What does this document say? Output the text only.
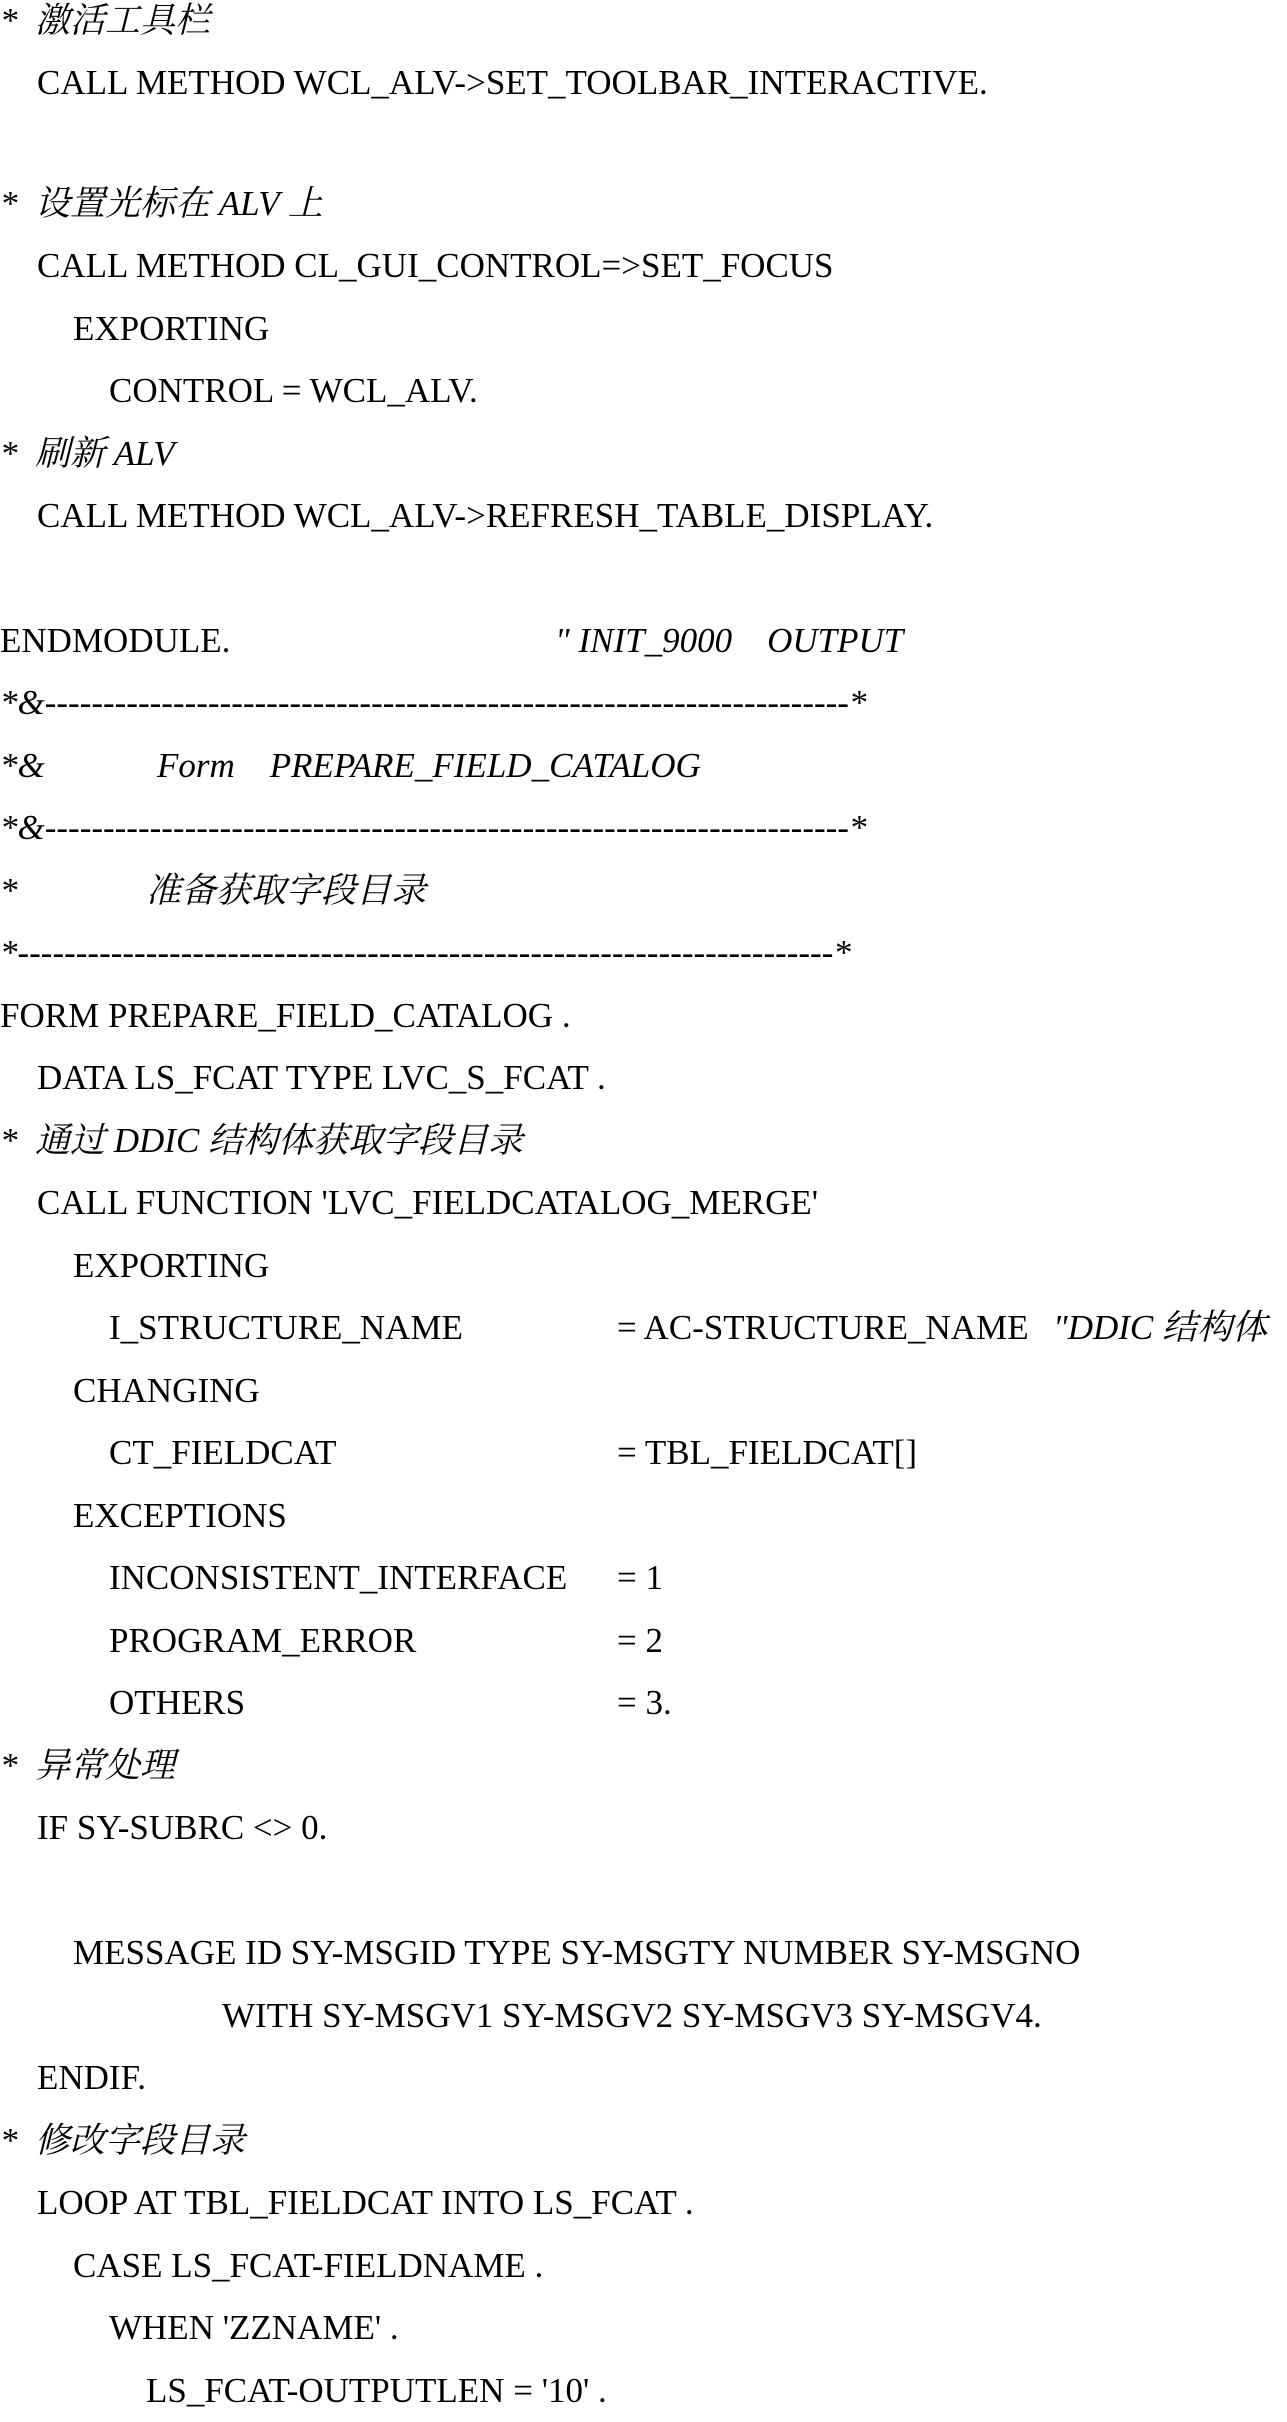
*  激活工具栏
CALL METHOD WCL_ALV->SET_TOOLBAR_INTERACTIVE.
*  设置光标在 ALV 上
CALL METHOD CL_GUI_CONTROL=>SET_FOCUS
EXPORTING
CONTROL = WCL_ALV.
*  刷新 ALV
CALL METHOD WCL_ALV->REFRESH_TABLE_DISPLAY.

ENDMODULE.

	" INIT_9000    OUTPUT

*&---------------------------------------------------------------------*

*&

	Form    PREPARE_FIELD_CATALOG

*&---------------------------------------------------------------------*

*

	准备获取字段目录

*----------------------------------------------------------------------*
FORM PREPARE_FIELD_CATALOG .
DATA LS_FCAT TYPE LVC_S_FCAT .
*  通过 DDIC 结构体获取字段目录
CALL FUNCTION 'LVC_FIELDCATALOG_MERGE'
EXPORTING

I_STRUCTURE_NAME

	= AC-STRUCTURE_NAME

"DDIC 结构体

CHANGING

CT_FIELDCAT

	= TBL_FIELDCAT[]

EXCEPTIONS

INCONSISTENT_INTERFACE

= 1

PROGRAM_ERROR

	= 2

OTHERS

	= 3.

*  异常处理
IF SY-SUBRC <> 0.
MESSAGE ID SY-MSGID TYPE SY-MSGTY NUMBER SY-MSGNO
WITH SY-MSGV1 SY-MSGV2 SY-MSGV3 SY-MSGV4.
ENDIF.
*  修改字段目录
LOOP AT TBL_FIELDCAT INTO LS_FCAT .
CASE LS_FCAT-FIELDNAME .
WHEN 'ZZNAME' .
LS_FCAT-OUTPUTLEN = '10' .
